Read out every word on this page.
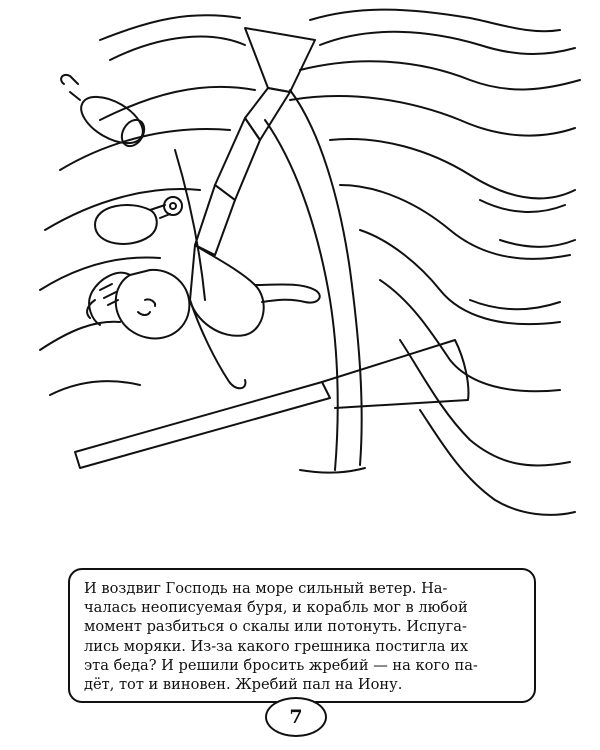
И воздвиг Господь на море сильный ветер. На-
чалась неописуемая буря, и корабль мог в любой
момент разбиться о скалы или потонуть. Испуга-
лись моряки. Из-за какого грешника постигла их
эта беда? И решили бросить жребий — на кого па-
дёт, тот и виновен. Жребий пал на Иону.
7
